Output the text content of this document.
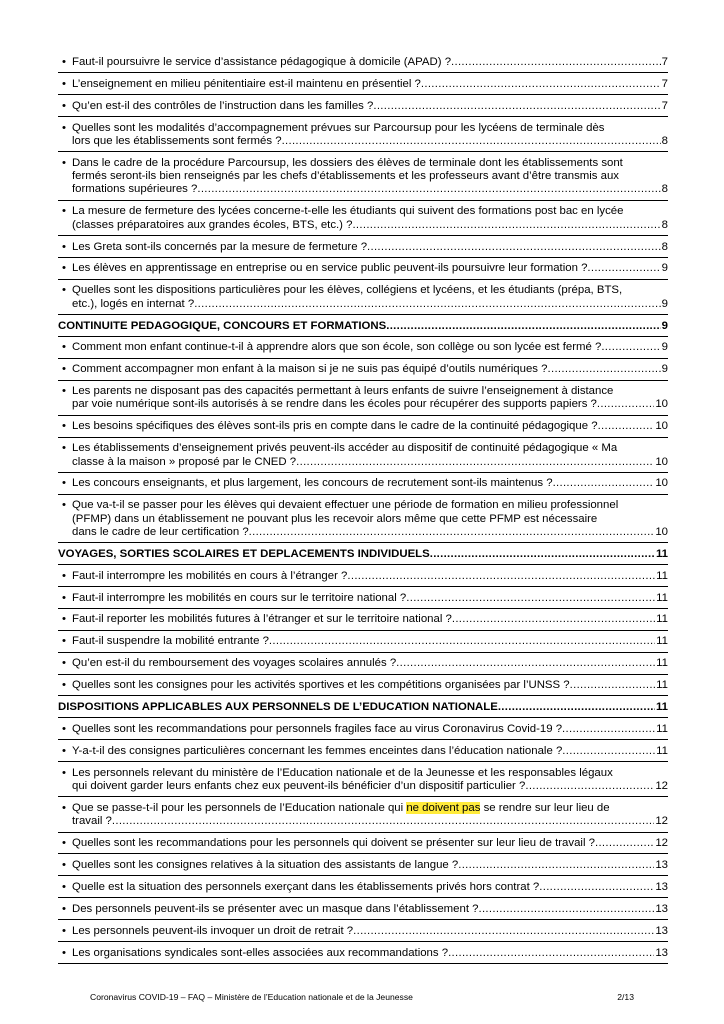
• Faut-il poursuivre le service d’assistance pédagogique à domicile (APAD) ? .....	7
• L’enseignement en milieu pénitentiaire est-il maintenu en présentiel ? .....	7
• Qu’en est-il des contrôles de l’instruction dans les familles ? .....	7
• Quelles sont les modalités d’accompagnement prévues sur Parcoursup pour les lycéens de terminale dès
lors que les établissements sont fermés ? .....	8
• Dans le cadre de la procédure Parcoursup, les dossiers des élèves de terminale dont les établissements sont
fermés seront-ils bien renseignés par les chefs d’établissements et les professeurs avant d’être transmis aux
formations supérieures ? .....	8
• La mesure de fermeture des lycées concerne-t-elle les étudiants qui suivent des formations post bac en lycée
(classes préparatoires aux grandes écoles, BTS, etc.) ? .....	8
• Les Greta sont-ils concernés par la mesure de fermeture ? .....	8
• Les élèves en apprentissage en entreprise ou en service public peuvent-ils poursuivre leur formation ? .....	9
• Quelles sont les dispositions particulières pour les élèves, collégiens et lycéens, et les étudiants (prépa, BTS,
etc.), logés en internat ? .....	9
CONTINUITE PEDAGOGIQUE, CONCOURS ET FORMATIONS .....	9
• Comment mon enfant continue-t-il à apprendre alors que son école, son collège ou son lycée est fermé ? .....	9
• Comment accompagner mon enfant à la maison si je ne suis pas équipé d’outils numériques ? .....	9
• Les parents ne disposant pas des capacités permettant à leurs enfants de suivre l’enseignement à distance
par voie numérique sont-ils autorisés à se rendre dans les écoles pour récupérer des supports papiers ? .....	10
• Les besoins spécifiques des élèves sont-ils pris en compte dans le cadre de la continuité pédagogique ? .....	10
• Les établissements d’enseignement privés peuvent-ils accéder au dispositif de continuité pédagogique « Ma
classe à la maison » proposé par le CNED ? .....	10
• Les concours enseignants, et plus largement, les concours de recrutement sont-ils maintenus ? .....	10
• Que va-t-il se passer pour les élèves qui devaient effectuer une période de formation en milieu professionnel
(PFMP) dans un établissement ne pouvant plus les recevoir alors même que cette PFMP est nécessaire
dans le cadre de leur certification ? .....	10
VOYAGES, SORTIES SCOLAIRES ET DEPLACEMENTS INDIVIDUELS .....	11
• Faut-il interrompre les mobilités en cours à l’étranger ? .....	11
• Faut-il interrompre les mobilités en cours sur le territoire national ? .....	11
• Faut-il reporter les mobilités futures à l’étranger et sur le territoire national ? .....	11
• Faut-il suspendre la mobilité entrante ? .....	11
• Qu’en est-il du remboursement des voyages scolaires annulés ? .....	11
• Quelles sont les consignes pour les activités sportives et les compétitions organisées par l’UNSS ? .....	11
DISPOSITIONS APPLICABLES AUX PERSONNELS DE L’EDUCATION NATIONALE .....	11
• Quelles sont les recommandations pour personnels fragiles face au virus Coronavirus Covid-19 ? .....	11
• Y-a-t-il des consignes particulières concernant les femmes enceintes dans l’éducation nationale ? .....	11
• Les personnels relevant du ministère de l’Education nationale et de la Jeunesse et les responsables légaux
qui doivent garder leurs enfants chez eux peuvent-ils bénéficier d’un dispositif particulier ? .....	12
• Que se passe-t-il pour les personnels de l’Education nationale qui ne doivent pas se rendre sur leur lieu de
travail ? .....	12
• Quelles sont les recommandations pour les personnels qui doivent se présenter sur leur lieu de travail ? .....	12
• Quelles sont les consignes relatives à la situation des assistants de langue ? .....	13
• Quelle est la situation des personnels exerçant dans les établissements privés hors contrat ? .....	13
• Des personnels peuvent-ils se présenter avec un masque dans l’établissement ? .....	13
• Les personnels peuvent-ils invoquer un droit de retrait ? .....	13
• Les organisations syndicales sont-elles associées aux recommandations ? .....	13
Coronavirus COVID-19 – FAQ – Ministère de l’Education nationale et de la Jeunesse	2/13
